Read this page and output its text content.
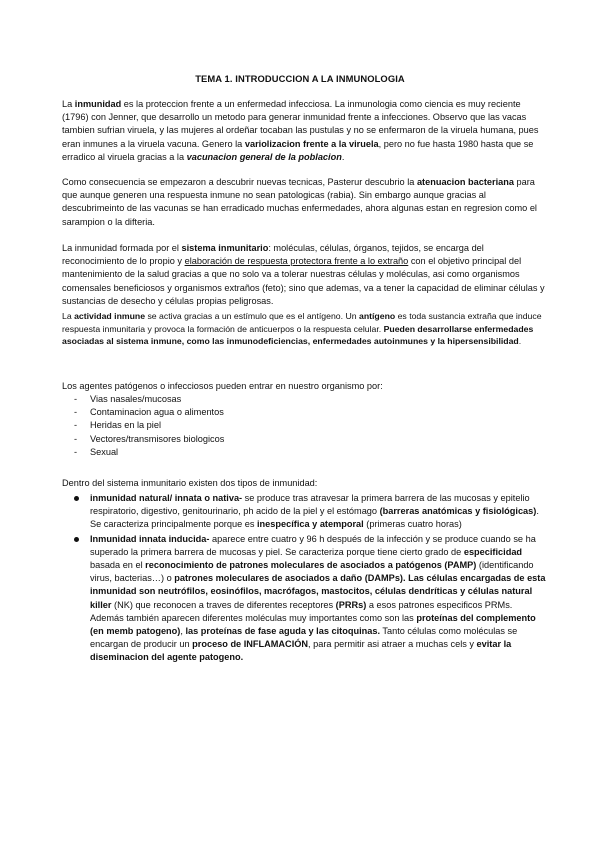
TEMA 1. INTRODUCCION A LA INMUNOLOGIA

La inmunidad es la proteccion frente a un enfermedad infecciosa. La inmunologia como ciencia es muy reciente (1796) con Jenner, que desarrollo un metodo para generar inmunidad frente a infecciones. Observo que las vacas tambien sufrian viruela, y las mujeres al ordeñar tocaban las pustulas y no se enfermaron de la viruela humana, pues eran inmunes a la viruela vacuna. Genero la variolizacion frente a la viruela, pero no fue hasta 1980 hasta que se erradico al viruela gracias a la vacunacion general de la poblacion.

Como consecuencia se empezaron a descubrir nuevas tecnicas, Pasterur descubrio la atenuacion bacteriana para que aunque generen una respuesta inmune no sean patologicas (rabia). Sin embargo aunque gracias al descubrimeinto de las vacunas se han erradicado muchas enfermedades, ahora algunas estan en regresion como el sarampion o la difteria.

La inmunidad formada por el sistema inmunitario: moléculas, células, órganos, tejidos, se encarga del reconocimiento de lo propio y elaboración de respuesta protectora frente a lo extraño con el objetivo principal del mantenimiento de la salud gracias a que no solo va a tolerar nuestras células y moléculas, asi como organismos comensales beneficiosos y organismos extraños (feto); sino que ademas, va a tener la capacidad de eliminar células y sustancias de desecho y células propias peligrosas.

La actividad inmune se activa gracias a un estímulo que es el antígeno. Un antígeno es toda sustancia extraña que induce respuesta inmunitaria y provoca la formación de anticuerpos o la respuesta celular. Pueden desarrollarse enfermedades asociadas al sistema inmune, como las inmunodeficiencias, enfermedades autoinmunes y la hipersensibilidad.

Los agentes patógenos o infecciosos pueden entrar en nuestro organismo por:

- Vias nasales/mucosas
- Contaminacion agua o alimentos
- Heridas en la piel
- Vectores/transmisores biologicos
- Sexual

Dentro del sistema inmunitario existen dos tipos de inmunidad:

inmunidad natural/ innata o nativa- se produce tras atravesar la primera barrera de las mucosas y epitelio respiratorio, digestivo, genitourinario, ph acido de la piel y el estómago (barreras anatómicas y fisiológicas). Se caracteriza principalmente porque es inespecífica y atemporal (primeras cuatro horas)
Inmunidad innata inducida- aparece entre cuatro y 96 h después de la infección y se produce cuando se ha superado la primera barrera de mucosas y piel. Se caracteriza porque tiene cierto grado de especificidad basada en el reconocimiento de patrones moleculares de asociados a patógenos (PAMP) (identificando virus, bacterias…) o patrones moleculares de asociados a daño (DAMPs). Las células encargadas de esta inmunidad son neutrófilos, eosinófilos, macrófagos, mastocitos, células dendríticas y células natural killer (NK) que reconocen a traves de diferentes receptores (PRRs) a esos patrones especificos PRMs. Además también aparecen diferentes moléculas muy importantes como son las proteínas del complemento (en memb patogeno), las proteínas de fase aguda y las citoquinas. Tanto células como moléculas se encargan de producir un proceso de INFLAMACIÓN, para permitir asi atraer a muchas cels y evitar la diseminacion del agente patogeno.
